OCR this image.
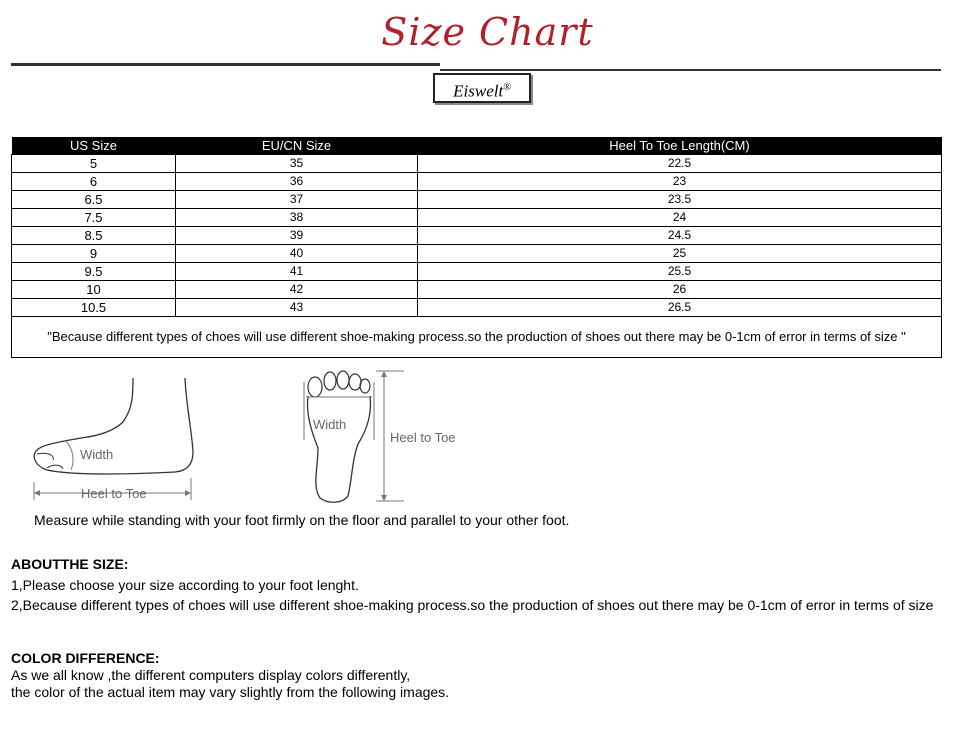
Size Chart
Eiswelt®
US Size	EU/CN Size	Heel To Toe Length(CM)
5	35	22.5
6	36	23
6.5	37	23.5
7.5	38	24
8.5	39	24.5
9	40	25
9.5	41	25.5
10	42	26
10.5	43	26.5
"Because different types of choes will use different shoe-making process.so the production of shoes out there may be 0-1cm of error in terms of size "		
Width
Heel to Toe
Width
Heel to Toe

Measure while standing with your foot firmly on the floor and parallel to your other foot.

ABOUTTHE SIZE:

1,Please choose your size according to your foot lenght.

2,Because different types of choes will use different shoe-making process.so the production of shoes out there may be 0-1cm of error in terms of size

COLOR DIFFERENCE:

As we all know ,the different computers display colors differently,

the color of the actual item may vary slightly from the following images.
